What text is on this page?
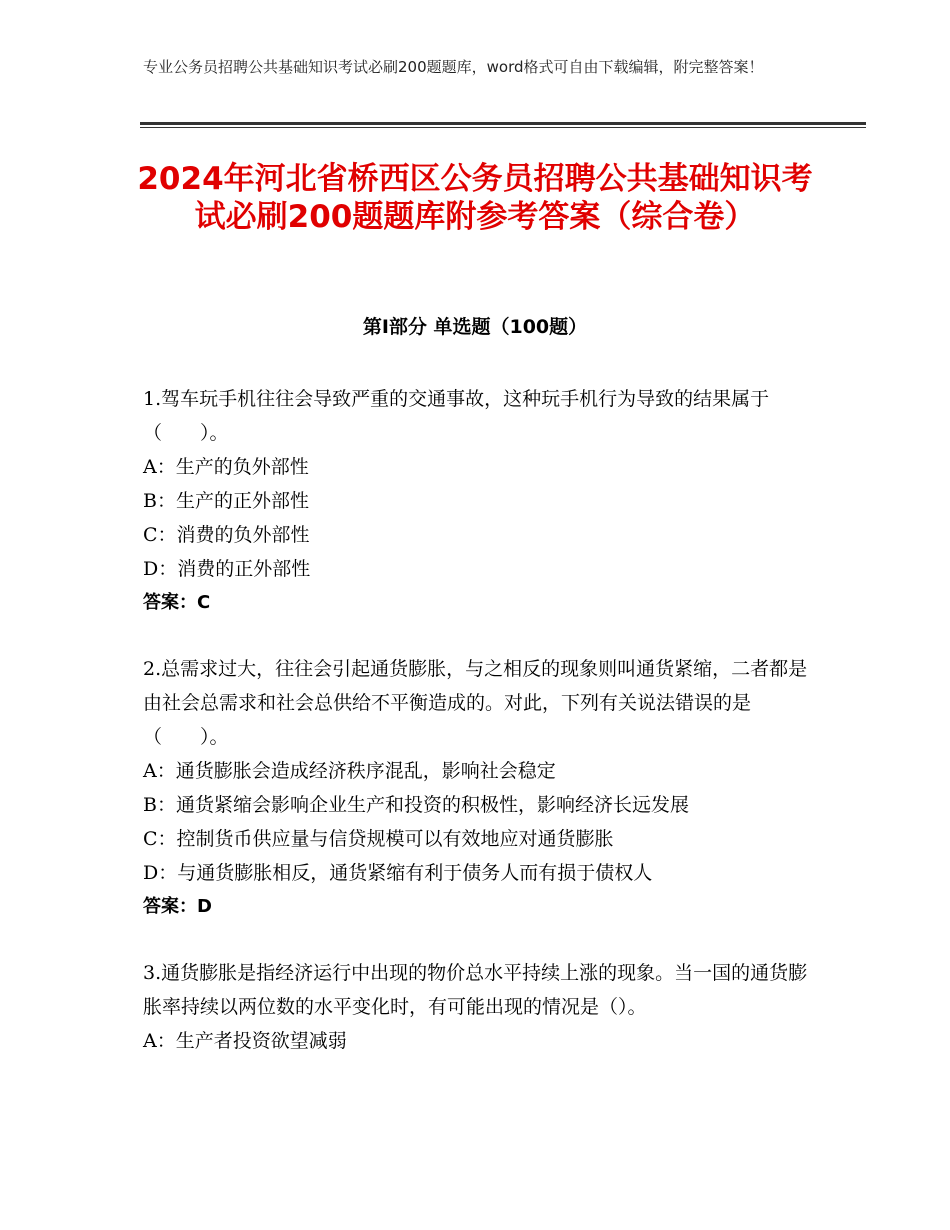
专业公务员招聘公共基础知识考试必刷200题题库，word格式可自由下载编辑，附完整答案！
2024年河北省桥西区公务员招聘公共基础知识考试必刷200题题库附参考答案（综合卷）
第Ⅰ部分 单选题（100题）

1.驾车玩手机往往会导致严重的交通事故，这种玩手机行为导致的结果属于（　　）。

A：生产的负外部性

B：生产的正外部性

C：消费的负外部性

D：消费的正外部性

答案：C

2.总需求过大，往往会引起通货膨胀，与之相反的现象则叫通货紧缩，二者都是由社会总需求和社会总供给不平衡造成的。对此，下列有关说法错误的是（　　）。

A：通货膨胀会造成经济秩序混乱，影响社会稳定

B：通货紧缩会影响企业生产和投资的积极性，影响经济长远发展

C：控制货币供应量与信贷规模可以有效地应对通货膨胀

D：与通货膨胀相反，通货紧缩有利于债务人而有损于债权人

答案：D

3.通货膨胀是指经济运行中出现的物价总水平持续上涨的现象。当一国的通货膨胀率持续以两位数的水平变化时，有可能出现的情况是（）。

A：生产者投资欲望减弱
